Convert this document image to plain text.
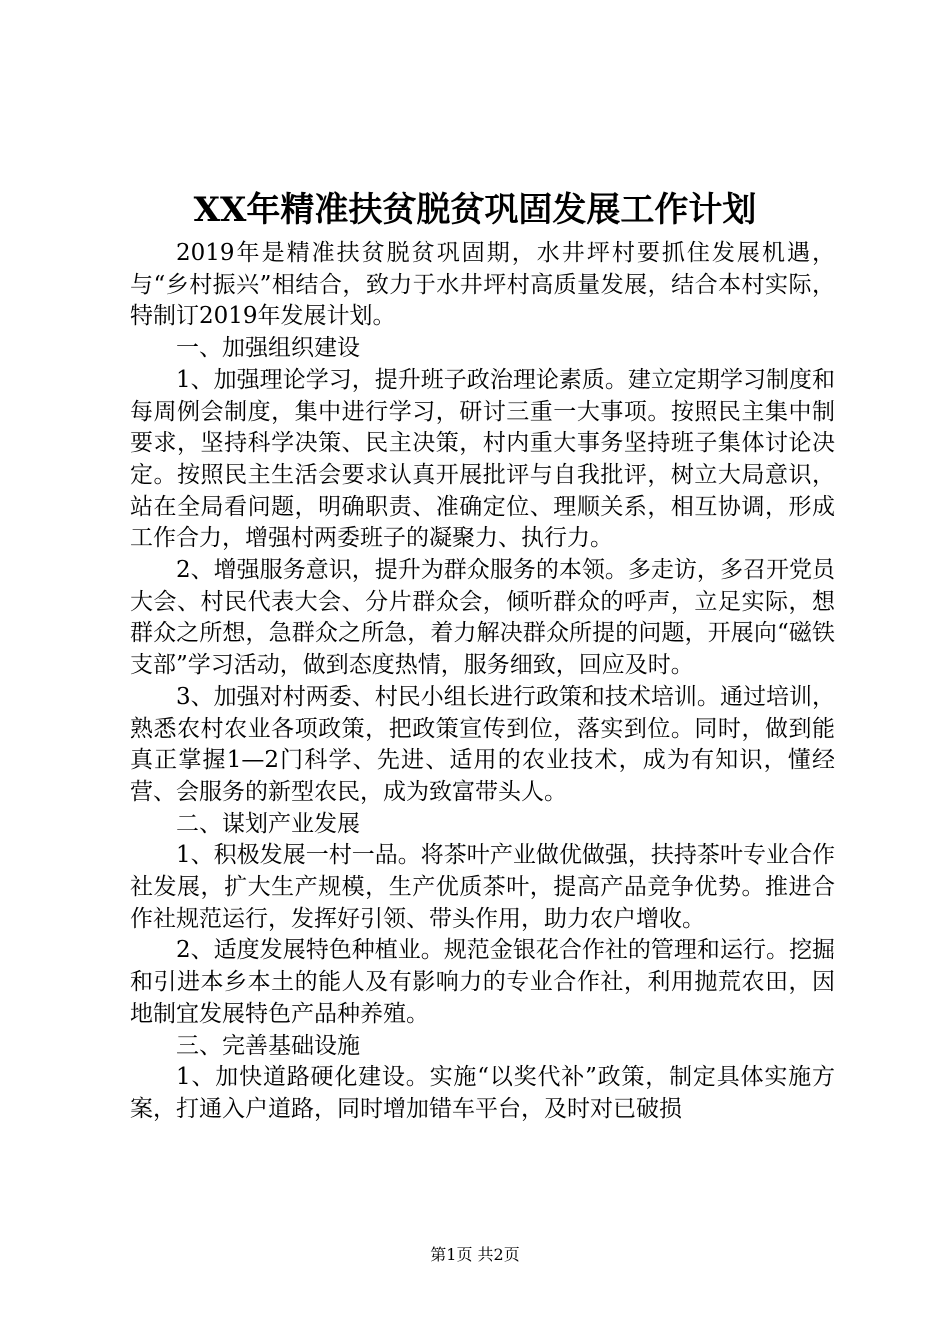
XX年精准扶贫脱贫巩固发展工作计划

2019年是精准扶贫脱贫巩固期，水井坪村要抓住发展机遇，与“乡村振兴”相结合，致力于水井坪村高质量发展，结合本村实际，特制订2019年发展计划。

一、加强组织建设

1、加强理论学习，提升班子政治理论素质。建立定期学习制度和每周例会制度，集中进行学习，研讨三重一大事项。按照民主集中制要求，坚持科学决策、民主决策，村内重大事务坚持班子集体讨论决定。按照民主生活会要求认真开展批评与自我批评，树立大局意识，站在全局看问题，明确职责、准确定位、理顺关系，相互协调，形成工作合力，增强村两委班子的凝聚力、执行力。

2、增强服务意识，提升为群众服务的本领。多走访，多召开党员大会、村民代表大会、分片群众会，倾听群众的呼声，立足实际，想群众之所想，急群众之所急，着力解决群众所提的问题，开展向“磁铁支部”学习活动，做到态度热情，服务细致，回应及时。

3、加强对村两委、村民小组长进行政策和技术培训。通过培训，熟悉农村农业各项政策，把政策宣传到位，落实到位。同时，做到能真正掌握1—2门科学、先进、适用的农业技术，成为有知识，懂经营、会服务的新型农民，成为致富带头人。

二、谋划产业发展

1、积极发展一村一品。将茶叶产业做优做强，扶持茶叶专业合作社发展，扩大生产规模，生产优质茶叶，提高产品竞争优势。推进合作社规范运行，发挥好引领、带头作用，助力农户增收。

2、适度发展特色种植业。规范金银花合作社的管理和运行。挖掘和引进本乡本土的能人及有影响力的专业合作社，利用抛荒农田，因地制宜发展特色产品种养殖。

三、完善基础设施

1、加快道路硬化建设。实施“以奖代补”政策，制定具体实施方案，打通入户道路，同时增加错车平台，及时对已破损

第1页 共2页
